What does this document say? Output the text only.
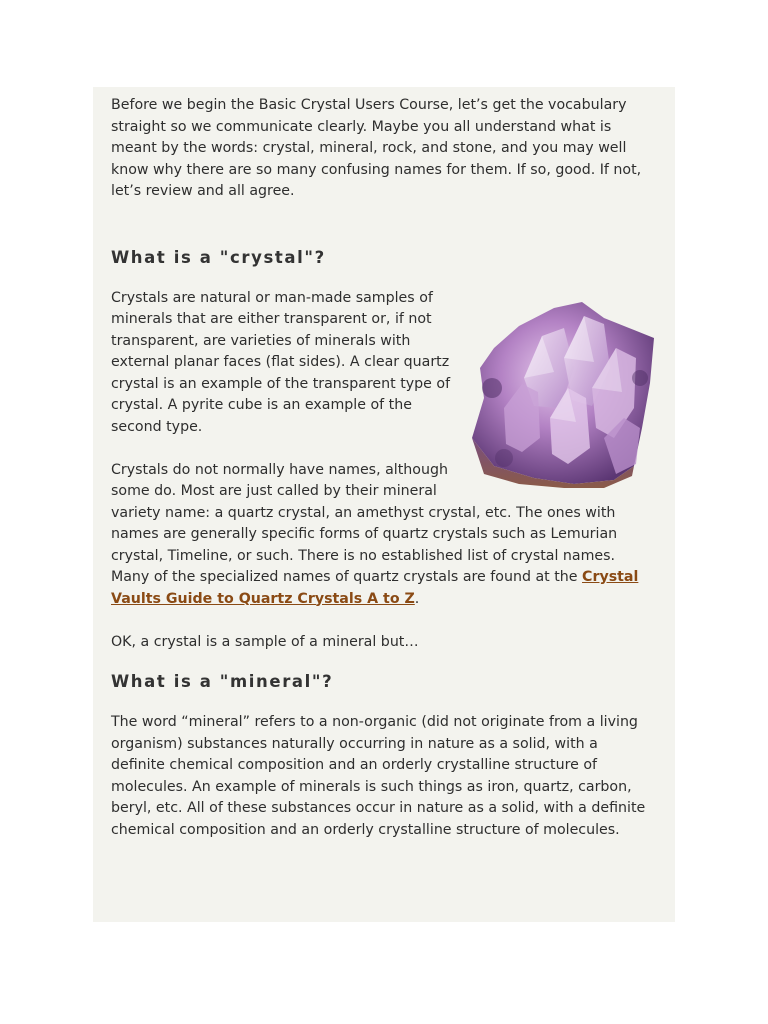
Before we begin the Basic Crystal Users Course, let’s get the vocabulary straight so we communicate clearly. Maybe you all understand what is meant by the words: crystal, mineral, rock, and stone, and you may well know why there are so many confusing names for them. If so, good. If not, let’s review and all agree.

What is a "crystal"?

Crystals are natural or man-made samples of minerals that are either transparent or, if not transparent, are varieties of minerals with external planar faces (flat sides). A clear quartz crystal is an example of the transparent type of crystal. A pyrite cube is an example of the second type.

Crystals do not normally have names, although some do. Most are just called by their mineral variety name: a quartz crystal, an amethyst crystal, etc. The ones with names are generally specific forms of quartz crystals such as Lemurian crystal, Timeline, or such. There is no established list of crystal names. Many of the specialized names of quartz crystals are found at the Crystal Vaults Guide to Quartz Crystals A to Z.

OK, a crystal is a sample of a mineral but…

What is a "mineral"?

The word “mineral” refers to a non-organic (did not originate from a living organism) substances naturally occurring in nature as a solid, with a definite chemical composition and an orderly crystalline structure of molecules. An example of minerals is such things as iron, quartz, carbon, beryl, etc. All of these substances occur in nature as a solid, with a definite chemical composition and an orderly crystalline structure of molecules.
